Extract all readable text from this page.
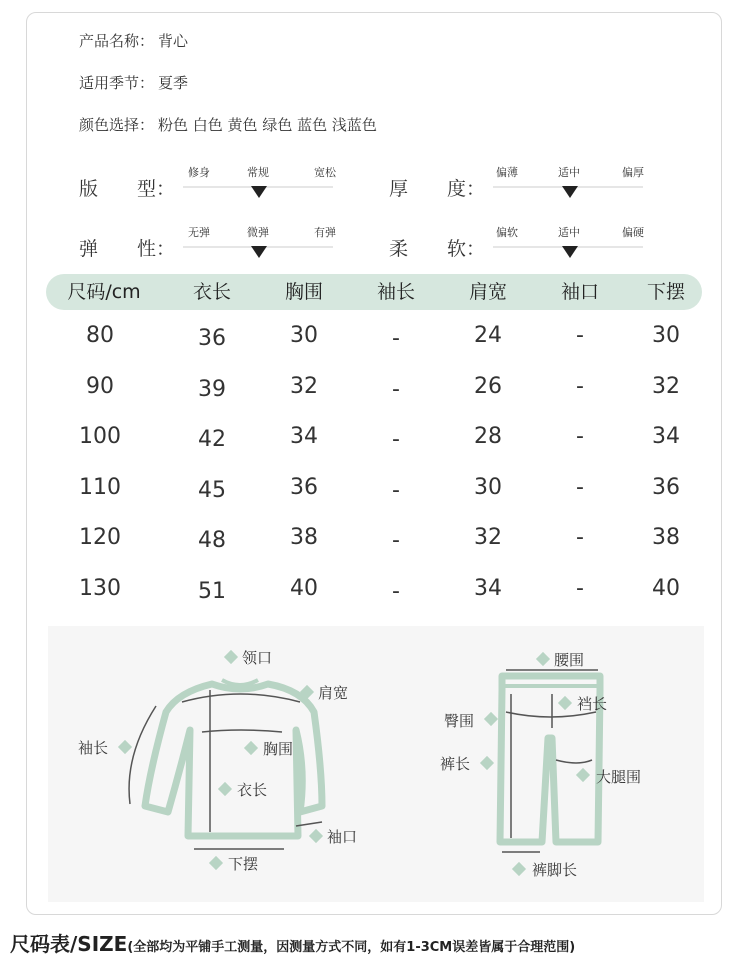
产品名称： 背心
适用季节： 夏季
颜色选择： 粉色 白色 黄色 绿色 蓝色 浅蓝色
版 型：
修身	常规	宽松
厚 度：
偏薄	适中	偏厚
弹 性：
无弹	微弹	有弹
柔 软：
偏软	适中	偏硬
尺码/cm	衣长	胸围	袖长	肩宽	袖口	下摆
80	36	30	-	24	-	30
90	39	32	-	26	-	32
100	42	34	-	28	-	34
110	45	36	-	30	-	36
120	48	38	-	32	-	38
130	51	40	-	34	-	40
领口
肩宽
袖长	胸围
衣长
袖口
下摆
腰围
裆长
臀围
裤长
大腿围
裤脚长
尺码表/SIZE(全部均为平铺手工测量，因测量方式不同，如有1-3CM误差皆属于合理范围)
